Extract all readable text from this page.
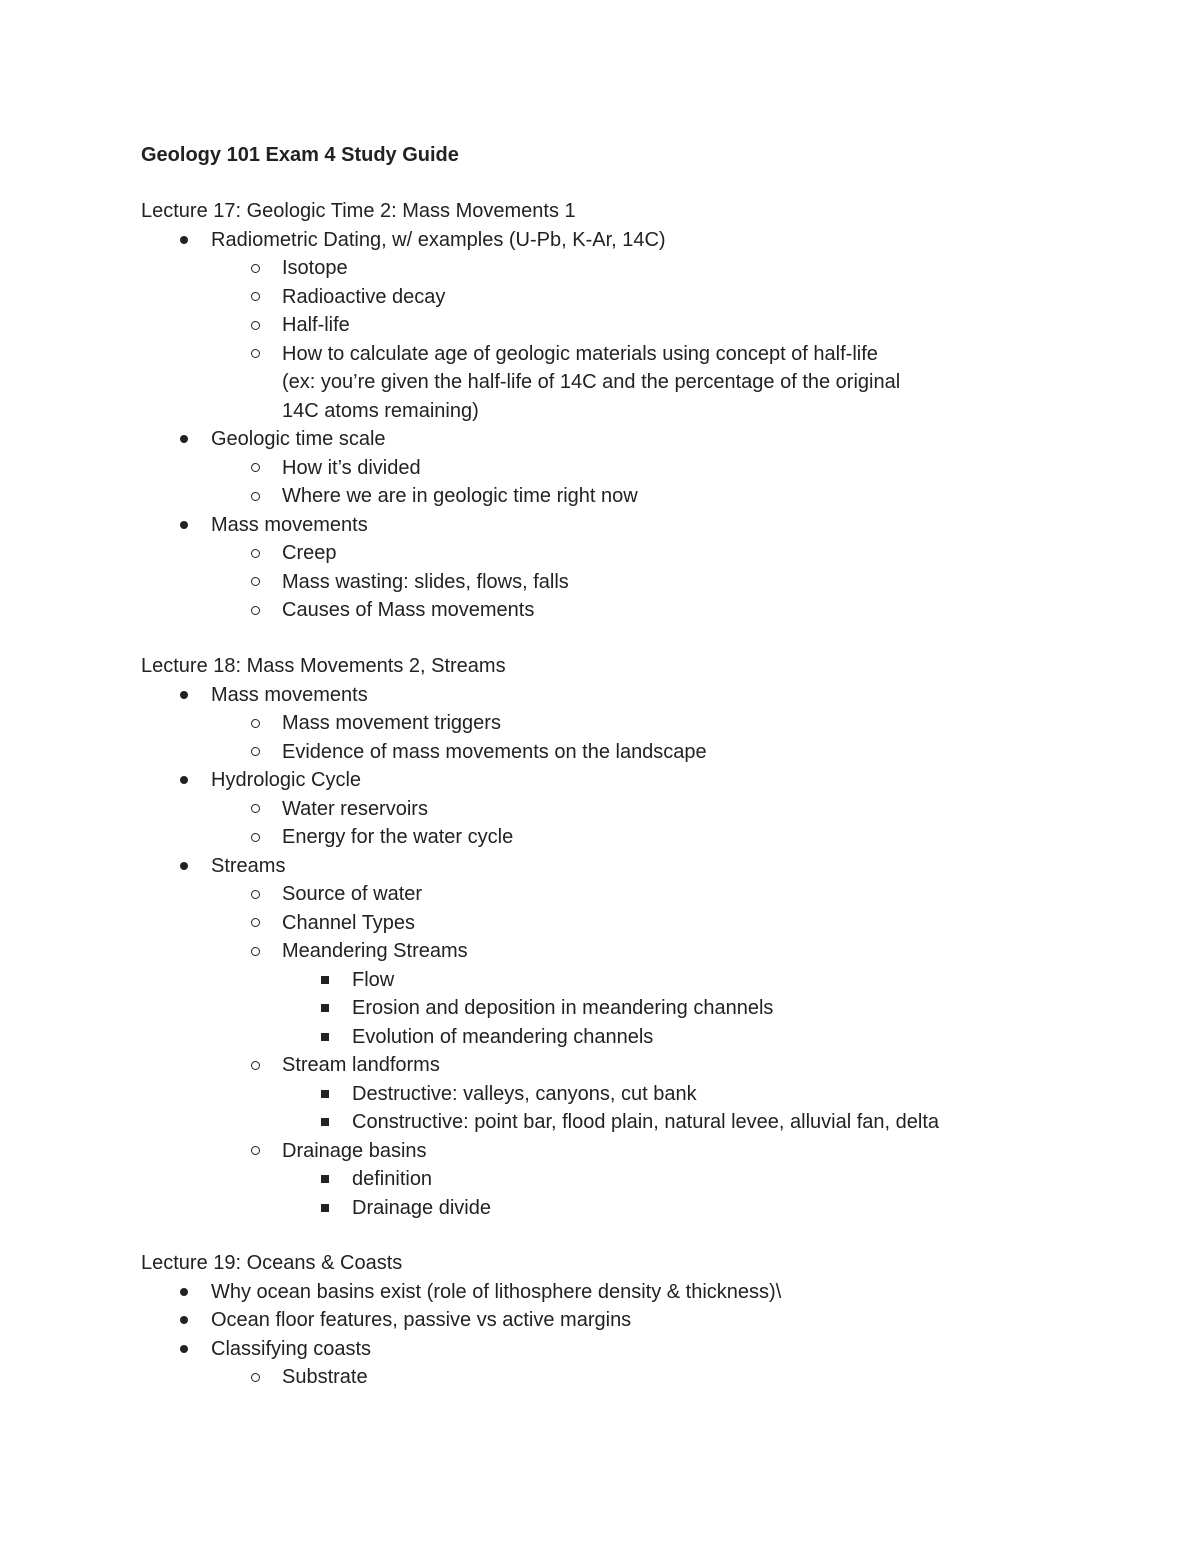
Geology 101 Exam 4 Study Guide
Lecture 17: Geologic Time 2: Mass Movements 1
Radiometric Dating, w/ examples (U-Pb, K-Ar, 14C)
Isotope
Radioactive decay
Half-life
How to calculate age of geologic materials using concept of half-life (ex: you’re given the half-life of 14C and the percentage of the original 14C atoms remaining)
Geologic time scale
How it’s divided
Where we are in geologic time right now
Mass movements
Creep
Mass wasting: slides, flows, falls
Causes of Mass movements
Lecture 18: Mass Movements 2, Streams
Mass movements
Mass movement triggers
Evidence of mass movements on the landscape
Hydrologic Cycle
Water reservoirs
Energy for the water cycle
Streams
Source of water
Channel Types
Meandering Streams
Flow
Erosion and deposition in meandering channels
Evolution of meandering channels
Stream landforms
Destructive: valleys, canyons, cut bank
Constructive: point bar, flood plain, natural levee, alluvial fan, delta
Drainage basins
definition
Drainage divide
Lecture 19: Oceans & Coasts
Why ocean basins exist (role of lithosphere density & thickness)\
Ocean floor features, passive vs active margins
Classifying coasts
Substrate
